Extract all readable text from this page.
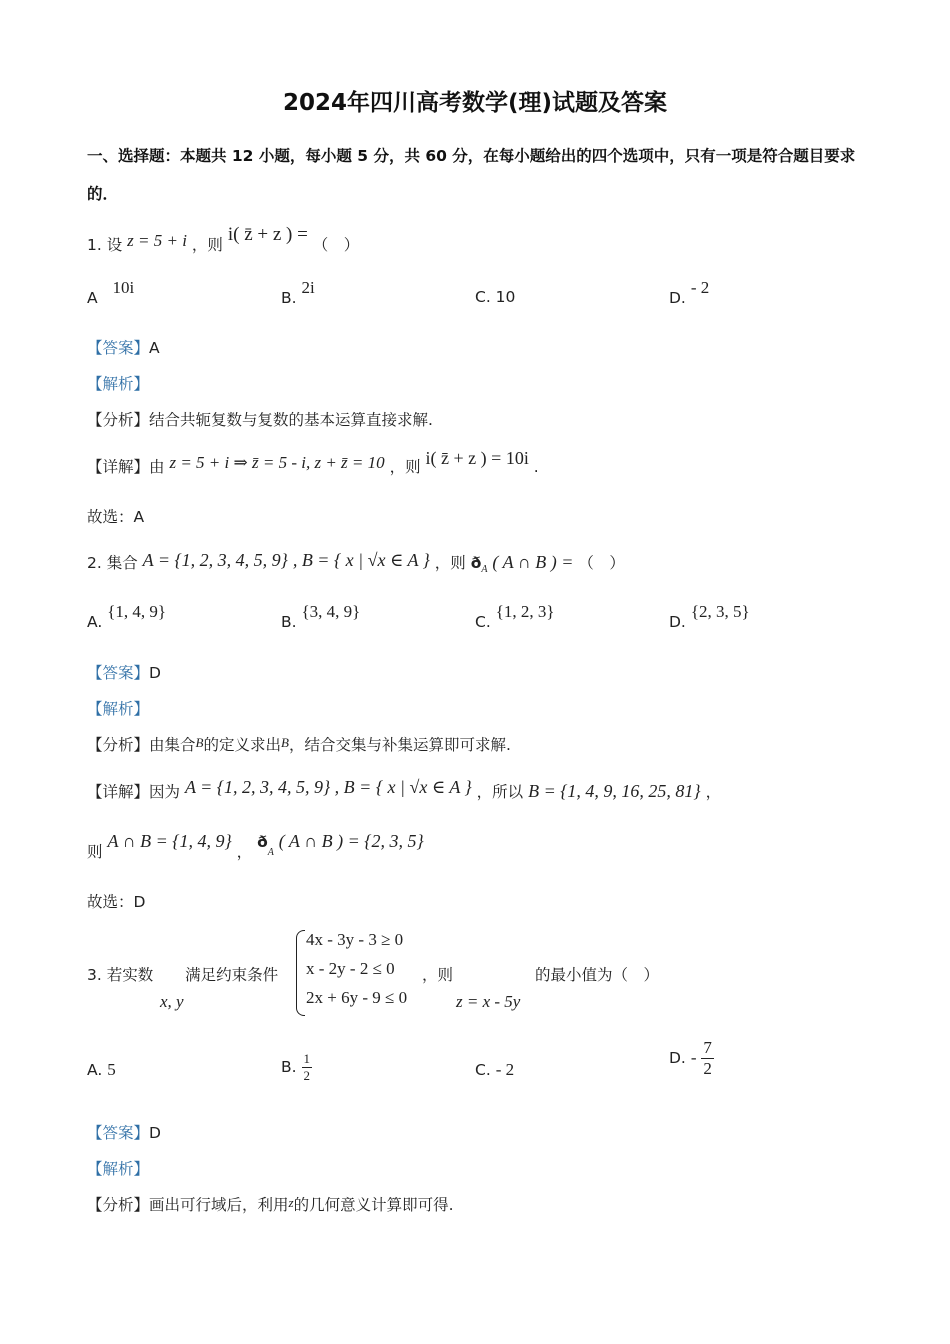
2024年四川高考数学(理)试题及答案
一、选择题：本题共 12 小题，每小题 5 分，共 60 分，在每小题给出的四个选项中，只有一项是符合题目要求的．
1. 设 z = 5 + i ，则 i( z̄ + z ) = （　）
A 10i
B. 2i	C. 10	D. - 2
【答案】A
【解析】
【分析】结合共轭复数与复数的基本运算直接求解.
【详解】由 z = 5 + i ⇒ z̄ = 5 - i, z + z̄ = 10 ，则 i( z̄ + z ) = 10i .
故选：A
2. 集合 A = {1, 2, 3, 4, 5, 9} , B = { x | √x ∈ A } ，则 $ð_A$ ( A ∩ B ) = （　）
A. {1, 4, 9}
B. {3, 4, 9}
C. {1, 2, 3}
D. {2, 3, 5}
【答案】D
【解析】
【分析】由集合B的定义求出B，结合交集与补集运算即可求解.
【详解】因为 A = {1, 2, 3, 4, 5, 9} , B = { x | √x ∈ A } ，所以 B = {1, 4, 9, 16, 25, 81} ，
则 A ∩ B = {1, 4, 9} ， $ð_A$ ( A ∩ B ) = {2, 3, 5}
故选：D
3. 若实数 满足约束条件
x, y
4x - 3y - 3 ≥ 0
x - 2y - 2 ≤ 0
2x + 6y - 9 ≤ 0
，则
z = x - 5y
的最小值为（　）
A. 5	B. $\frac{1}{2}$	C. - 2
D. - $\frac{7}{2}$
【答案】D
【解析】
【分析】画出可行域后，利用z的几何意义计算即可得.
